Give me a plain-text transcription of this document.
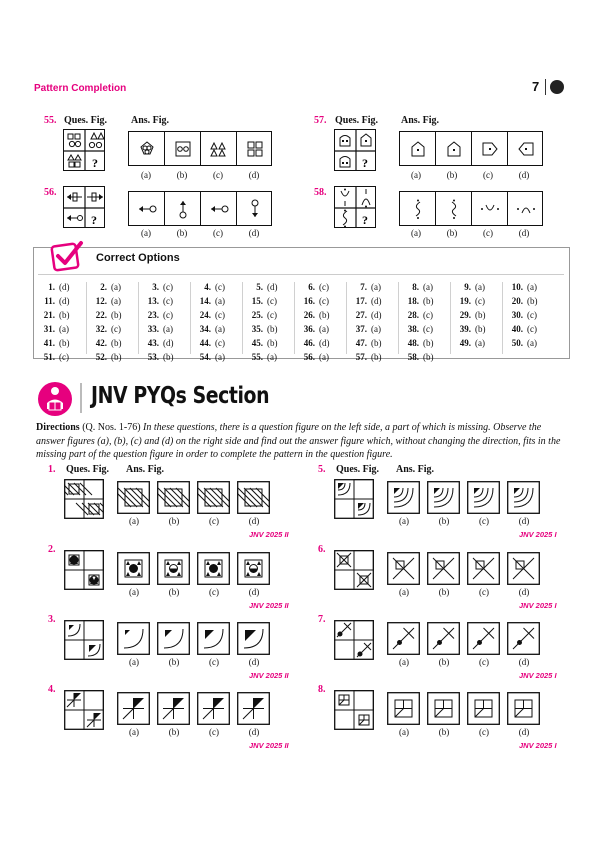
Pattern Completion	7
55. Ques. Fig. Ans. Fig.
?
(a)	(b)	(c)	(d)
56.
?
(a)	(b)	(c)	(d)
57. Ques. Fig. Ans. Fig.
?
(a)	(b)	(c)	(d)
58.
?
(a)	(b)	(c)	(d)
Correct Options
1. (d)	2. (a)	3. (c)	4. (c)	5. (d)	6. (c)	7. (a)	8. (a)	9. (a)	10. (a)
11. (d)	12. (a)	13. (c)	14. (a)	15. (c)	16. (c)	17. (d)	18. (b)	19. (c)	20. (b)
21. (b)	22. (b)	23. (c)	24. (c)	25. (c)	26. (b)	27. (d)	28. (c)	29. (b)	30. (c)
31. (a)	32. (c)	33. (a)	34. (a)	35. (b)	36. (a)	37. (a)	38. (c)	39. (b)	40. (c)
41. (b)	42. (b)	43. (d)	44. (c)	45. (b)	46. (d)	47. (b)	48. (b)	49. (a)	50. (a)
51. (c)	52. (b)	53. (b)	54. (a)	55. (a)	56. (a)	57. (b)	58. (b)
JNV PYQs Section
Directions (Q. Nos. 1-76) In these questions, there is a question figure on the left side, a part of which is missing. Observe the answer figures (a), (b), (c) and (d) on the right side and find out the answer figure which, without changing the direction, fits in the missing part of the question figure in order to complete the pattern in the question figure.
1. Ques. Fig. Ans. Fig.
(a)	(b)	(c)	(d)
JNV 2025 II
2.
(a)	(b)	(c)	(d)
JNV 2025 II
3.
(a)	(b)	(c)	(d)
JNV 2025 II
4.
(a)	(b)	(c)	(d)
JNV 2025 II
5. Ques. Fig. Ans. Fig.
(a)	(b)	(c)	(d)
JNV 2025 I
6.
(a)	(b)	(c)	(d)
JNV 2025 I
7.
(a)	(b)	(c)	(d)
JNV 2025 I
8.
(a)	(b)	(c)	(d)
JNV 2025 I
